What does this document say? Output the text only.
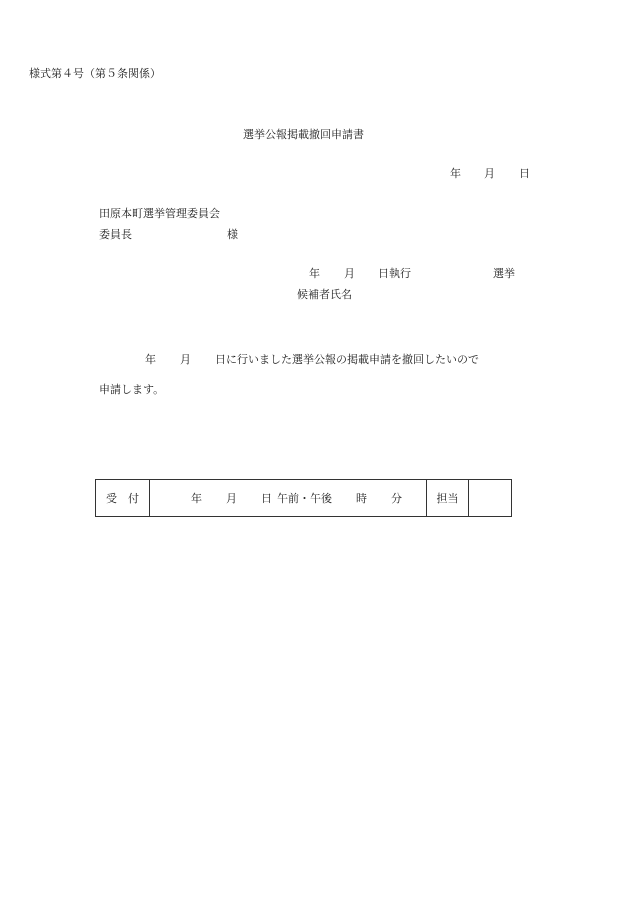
様式第４号（第５条関係）
選挙公報掲載撤回申請書
年 月 日
田原本町選挙管理委員会
委員長	様
年 月 日執行	選挙
候補者氏名
年 月 日に行いました選挙公報の掲載申請を撤回したいので
申請します。
受　付	年 月 日 午前・午後 時 分	担当	
